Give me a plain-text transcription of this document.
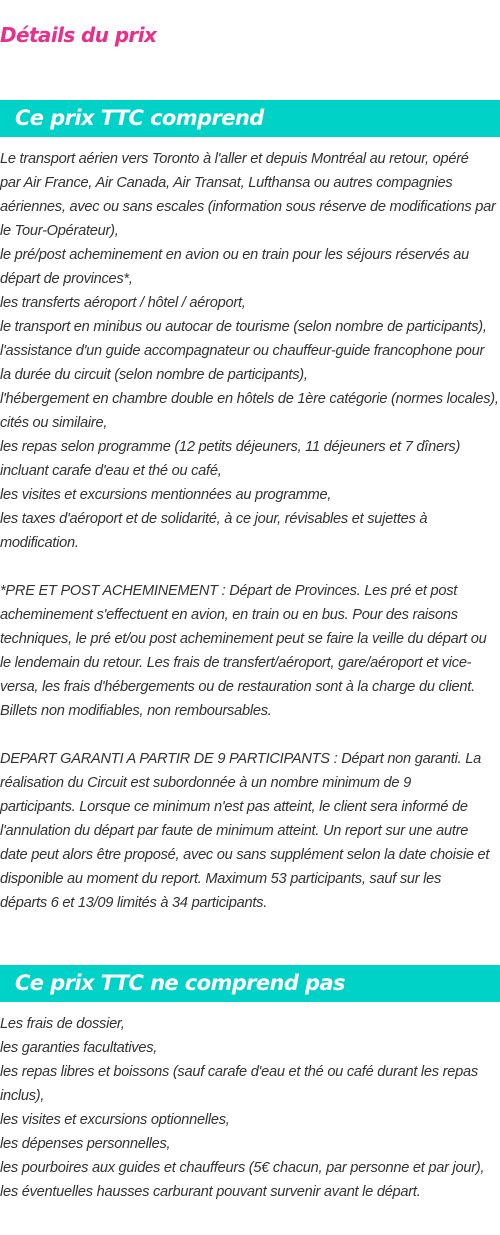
Détails du prix
Ce prix TTC comprend
Le transport aérien vers Toronto à l'aller et depuis Montréal au retour, opéré
par Air France, Air Canada, Air Transat, Lufthansa ou autres compagnies
aériennes, avec ou sans escales (information sous réserve de modifications par
le Tour-Opérateur),
le pré/post acheminement en avion ou en train pour les séjours réservés au
départ de provinces*,
les transferts aéroport / hôtel / aéroport,
le transport en minibus ou autocar de tourisme (selon nombre de participants),
l'assistance d'un guide accompagnateur ou chauffeur-guide francophone pour
la durée du circuit (selon nombre de participants),
l'hébergement en chambre double en hôtels de 1ère catégorie (normes locales),
cités ou similaire,
les repas selon programme (12 petits déjeuners, 11 déjeuners et 7 dîners)
incluant carafe d'eau et thé ou café,
les visites et excursions mentionnées au programme,
les taxes d'aéroport et de solidarité, à ce jour, révisables et sujettes à
modification.
*PRE ET POST ACHEMINEMENT : Départ de Provinces. Les pré et post
acheminement s'effectuent en avion, en train ou en bus. Pour des raisons
techniques, le pré et/ou post acheminement peut se faire la veille du départ ou
le lendemain du retour. Les frais de transfert/aéroport, gare/aéroport et vice-
versa, les frais d'hébergements ou de restauration sont à la charge du client.
Billets non modifiables, non remboursables.
DEPART GARANTI A PARTIR DE 9 PARTICIPANTS : Départ non garanti. La
réalisation du Circuit est subordonnée à un nombre minimum de 9
participants. Lorsque ce minimum n'est pas atteint, le client sera informé de
l'annulation du départ par faute de minimum atteint. Un report sur une autre
date peut alors être proposé, avec ou sans supplément selon la date choisie et
disponible au moment du report. Maximum 53 participants, sauf sur les
départs 6 et 13/09 limités à 34 participants.
Ce prix TTC ne comprend pas
Les frais de dossier,
les garanties facultatives,
les repas libres et boissons (sauf carafe d'eau et thé ou café durant les repas
inclus),
les visites et excursions optionnelles,
les dépenses personnelles,
les pourboires aux guides et chauffeurs (5€ chacun, par personne et par jour),
les éventuelles hausses carburant pouvant survenir avant le départ.
